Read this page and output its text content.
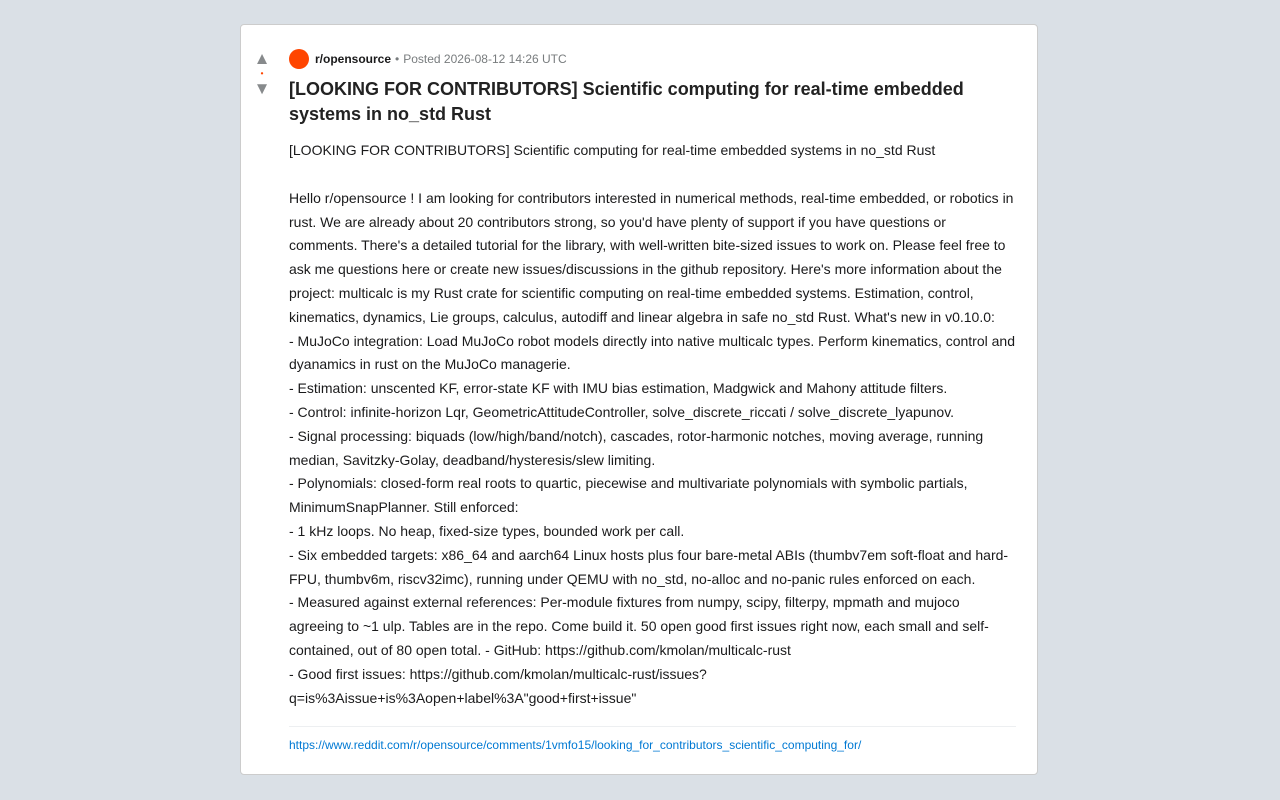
▲
•
▼
r/opensource • Posted 2026-08-12 14:26 UTC
[LOOKING FOR CONTRIBUTORS] Scientific computing for real-time embedded systems in no_std Rust

[LOOKING FOR CONTRIBUTORS] Scientific computing for real-time embedded systems in no_std Rust

Hello r/opensource ! I am looking for contributors interested in numerical methods, real-time embedded, or robotics in rust. We are already about 20 contributors strong, so you'd have plenty of support if you have questions or comments. There's a detailed tutorial for the library, with well-written bite-sized issues to work on. Please feel free to ask me questions here or create new issues/discussions in the github repository. Here's more information about the project: multicalc is my Rust crate for scientific computing on real-time embedded systems. Estimation, control, kinematics, dynamics, Lie groups, calculus, autodiff and linear algebra in safe no_std Rust. What's new in v0.10.0:

- MuJoCo integration: Load MuJoCo robot models directly into native multicalc types. Perform kinematics, control and dyanamics in rust on the MuJoCo managerie.

- Estimation: unscented KF, error-state KF with IMU bias estimation, Madgwick and Mahony attitude filters.

- Control: infinite-horizon Lqr, GeometricAttitudeController, solve_discrete_riccati / solve_discrete_lyapunov.

- Signal processing: biquads (low/high/band/notch), cascades, rotor-harmonic notches, moving average, running median, Savitzky-Golay, deadband/hysteresis/slew limiting.

- Polynomials: closed-form real roots to quartic, piecewise and multivariate polynomials with symbolic partials, MinimumSnapPlanner. Still enforced:

- 1 kHz loops. No heap, fixed-size types, bounded work per call.

- Six embedded targets: x86_64 and aarch64 Linux hosts plus four bare-metal ABIs (thumbv7em soft-float and hard-FPU, thumbv6m, riscv32imc), running under QEMU with no_std, no-alloc and no-panic rules enforced on each.

- Measured against external references: Per-module fixtures from numpy, scipy, filterpy, mpmath and mujoco agreeing to ~1 ulp. Tables are in the repo. Come build it. 50 open good first issues right now, each small and self-contained, out of 80 open total. - GitHub: https://github.com/kmolan/multicalc-rust

- Good first issues: https://github.com/kmolan/multicalc-rust/issues?q=is%3Aissue+is%3Aopen+label%3A"good+first+issue"

https://www.reddit.com/r/opensource/comments/1vmfo15/looking_for_contributors_scientific_computing_for/
